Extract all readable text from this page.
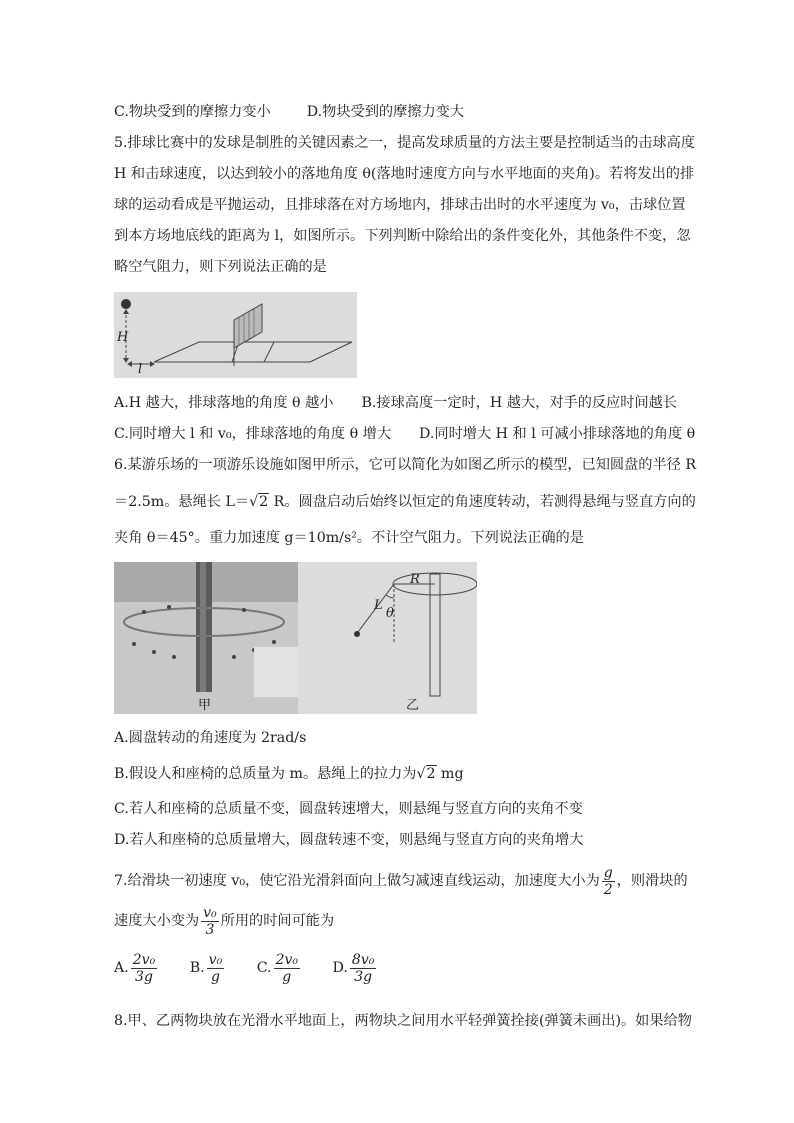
C.物块受到的摩擦力变小	D.物块受到的摩擦力变大
5.排球比赛中的发球是制胜的关键因素之一，提高发球质量的方法主要是控制适当的击球高度
H 和击球速度，以达到较小的落地角度 θ(落地时速度方向与水平地面的夹角)。若将发出的排
球的运动看成是平抛运动，且排球落在对方场地内，排球击出时的水平速度为 v₀，击球位置
到本方场地底线的距离为 l，如图所示。下列判断中除给出的条件变化外，其他条件不变，忽
略空气阻力，则下列说法正确的是
H
l
A.H 越大，排球落地的角度 θ 越小 B.接球高度一定时，H 越大，对手的反应时间越长
C.同时增大 l 和 v₀，排球落地的角度 θ 增大 D.同时增大 H 和 l 可减小排球落地的角度 θ
6.某游乐场的一项游乐设施如图甲所示，它可以简化为如图乙所示的模型，已知圆盘的半径 R
＝2.5m。悬绳长 L＝√2 R。圆盘启动后始终以恒定的角速度转动，若测得悬绳与竖直方向的
夹角 θ＝45°。重力加速度 g＝10m/s²。不计空气阻力。下列说法正确的是
甲
R
L
θ
乙
A.圆盘转动的角速度为 2rad/s
B.假设人和座椅的总质量为 m。悬绳上的拉力为√2 mg
C.若人和座椅的总质量不变，圆盘转速增大，则悬绳与竖直方向的夹角不变
D.若人和座椅的总质量增大，圆盘转速不变，则悬绳与竖直方向的夹角增大
7.给滑块一初速度 v₀，使它沿光滑斜面向上做匀减速直线运动，加速度大小为 $\frac{g}{2}$ ，则滑块的
速度大小变为 $\frac{\text{v₀}}{3}$ 所用的时间可能为
A. $\frac{\text{2v₀}}{3g}$
B. $\frac{\text{v₀}}{g}$
C. $\frac{\text{2v₀}}{g}$
D. $\frac{\text{8v₀}}{3g}$
8.甲、乙两物块放在光滑水平地面上，两物块之间用水平轻弹簧拴接(弹簧未画出)。如果给物
